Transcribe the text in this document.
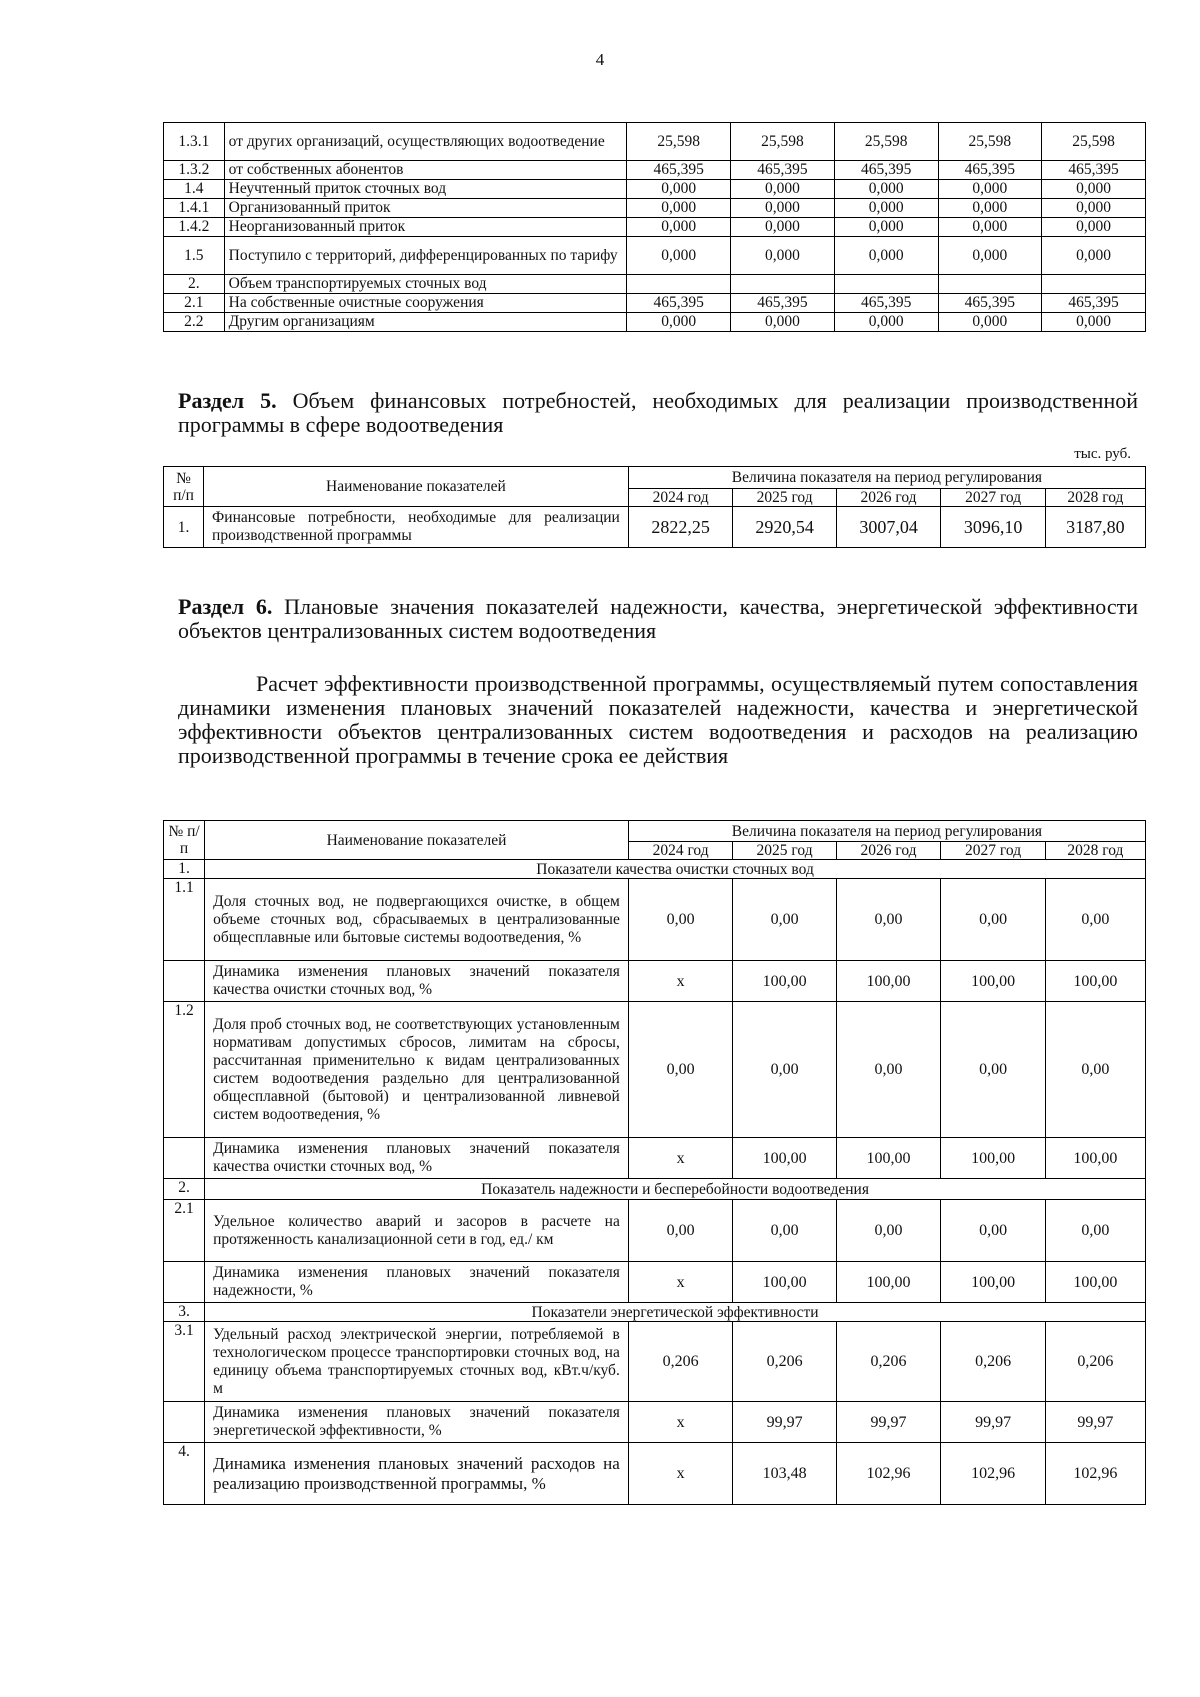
4
1.3.1	от других организаций, осуществляющих водоотведение	25,598	25,598	25,598	25,598	25,598
1.3.2	от собственных абонентов	465,395	465,395	465,395	465,395	465,395
1.4	Неучтенный приток сточных вод	0,000	0,000	0,000	0,000	0,000
1.4.1	Организованный приток	0,000	0,000	0,000	0,000	0,000
1.4.2	Неорганизованный приток	0,000	0,000	0,000	0,000	0,000
1.5	Поступило с территорий, дифференцированных по тарифу	0,000	0,000	0,000	0,000	0,000
2.	Объем транспортируемых сточных вод					
2.1	На собственные очистные сооружения	465,395	465,395	465,395	465,395	465,395
2.2	Другим организациям	0,000	0,000	0,000	0,000	0,000
Раздел 5. Объем финансовых потребностей, необходимых для реализации производственной программы в сфере водоотведения
тыс. руб.
№ п/п	Наименование показателей	Величина показателя на период регулирования				
		2024 год	2025 год	2026 год	2027 год	2028 год
1.	Финансовые потребности, необходимые для реализации производственной программы	2822,25	2920,54	3007,04	3096,10	3187,80
Раздел 6. Плановые значения показателей надежности, качества, энергетической эффективности объектов централизованных систем водоотведения
Расчет эффективности производственной программы, осуществляемый путем сопоставления динамики изменения плановых значений показателей надежности, качества и энергетической эффективности объектов централизованных систем водоотведения и расходов на реализацию производственной программы в течение срока ее действия
№ п/п	Наименование показателей	Величина показателя на период регулирования				
		2024 год	2025 год	2026 год	2027 год	2028 год
1.	Показатели качества очистки сточных вод					
1.1	Доля сточных вод, не подвергающихся очистке, в общем объеме сточных вод, сбрасываемых в централизованные общесплавные или бытовые системы водоотведения, %	0,00	0,00	0,00	0,00	0,00
	Динамика изменения плановых значений показателя качества очистки сточных вод, %	x	100,00	100,00	100,00	100,00
1.2	Доля проб сточных вод, не соответствующих установленным нормативам допустимых сбросов, лимитам на сбросы, рассчитанная применительно к видам централизованных систем водоотведения раздельно для централизованной общесплавной (бытовой) и централизованной ливневой систем водоотведения, %	0,00	0,00	0,00	0,00	0,00
	Динамика изменения плановых значений показателя качества очистки сточных вод, %	x	100,00	100,00	100,00	100,00
2.	Показатель надежности и бесперебойности водоотведения					
2.1	Удельное количество аварий и засоров в расчете на протяженность канализационной сети в год, ед./ км	0,00	0,00	0,00	0,00	0,00
	Динамика изменения плановых значений показателя надежности, %	x	100,00	100,00	100,00	100,00
3.	Показатели энергетической эффективности					
3.1	Удельный расход электрической энергии, потребляемой в технологическом процессе транспортировки сточных вод, на единицу объема транспортируемых сточных вод, кВт.ч/куб. м	0,206	0,206	0,206	0,206	0,206
	Динамика изменения плановых значений показателя энергетической эффективности, %	x	99,97	99,97	99,97	99,97
4.	Динамика изменения плановых значений расходов на реализацию производственной программы, %	x	103,48	102,96	102,96	102,96
